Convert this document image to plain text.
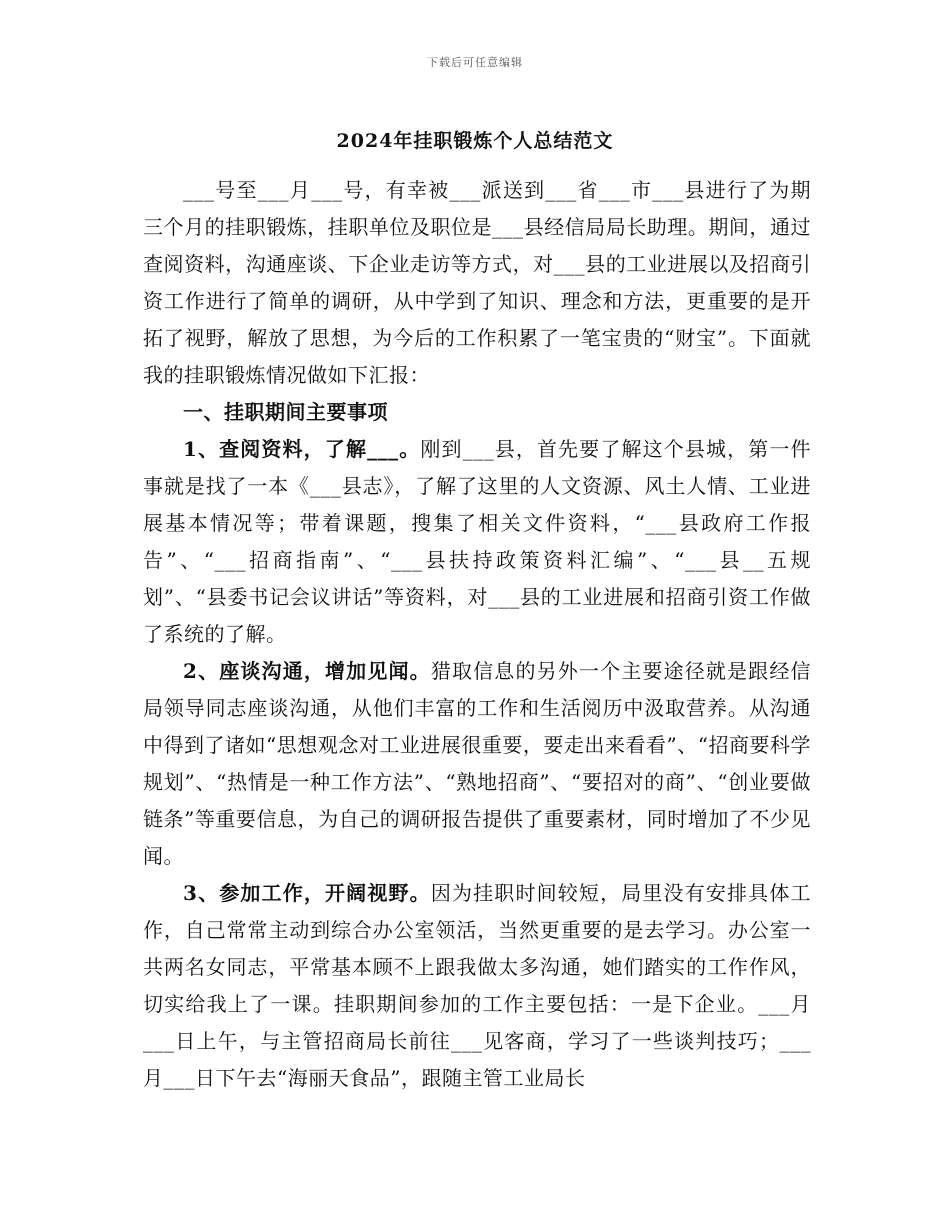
下载后可任意编辑
2024年挂职锻炼个人总结范文

___号至___月___号，有幸被___派送到___省___市___县进行了为期三个月的挂职锻炼，挂职单位及职位是___县经信局局长助理。期间，通过查阅资料，沟通座谈、下企业走访等方式，对___县的工业进展以及招商引资工作进行了简单的调研，从中学到了知识、理念和方法，更重要的是开拓了视野，解放了思想，为今后的工作积累了一笔宝贵的“财宝”。下面就我的挂职锻炼情况做如下汇报：

一、挂职期间主要事项

1、查阅资料，了解___。刚到___县，首先要了解这个县城，第一件事就是找了一本《___县志》，了解了这里的人文资源、风土人情、工业进展基本情况等；带着课题，搜集了相关文件资料，“___县政府工作报告”、“___招商指南”、“___县扶持政策资料汇编”、“___县__五规划”、“县委书记会议讲话”等资料，对___县的工业进展和招商引资工作做了系统的了解。

2、座谈沟通，增加见闻。猎取信息的另外一个主要途径就是跟经信局领导同志座谈沟通，从他们丰富的工作和生活阅历中汲取营养。从沟通中得到了诸如“思想观念对工业进展很重要，要走出来看看”、“招商要科学规划”、“热情是一种工作方法”、“熟地招商”、“要招对的商”、“创业要做链条”等重要信息，为自己的调研报告提供了重要素材，同时增加了不少见闻。

3、参加工作，开阔视野。因为挂职时间较短，局里没有安排具体工作，自己常常主动到综合办公室领活，当然更重要的是去学习。办公室一共两名女同志，平常基本顾不上跟我做太多沟通，她们踏实的工作作风，切实给我上了一课。挂职期间参加的工作主要包括：一是下企业。___月___日上午，与主管招商局长前往___见客商，学习了一些谈判技巧；___月___日下午去“海丽天食品”，跟随主管工业局长
